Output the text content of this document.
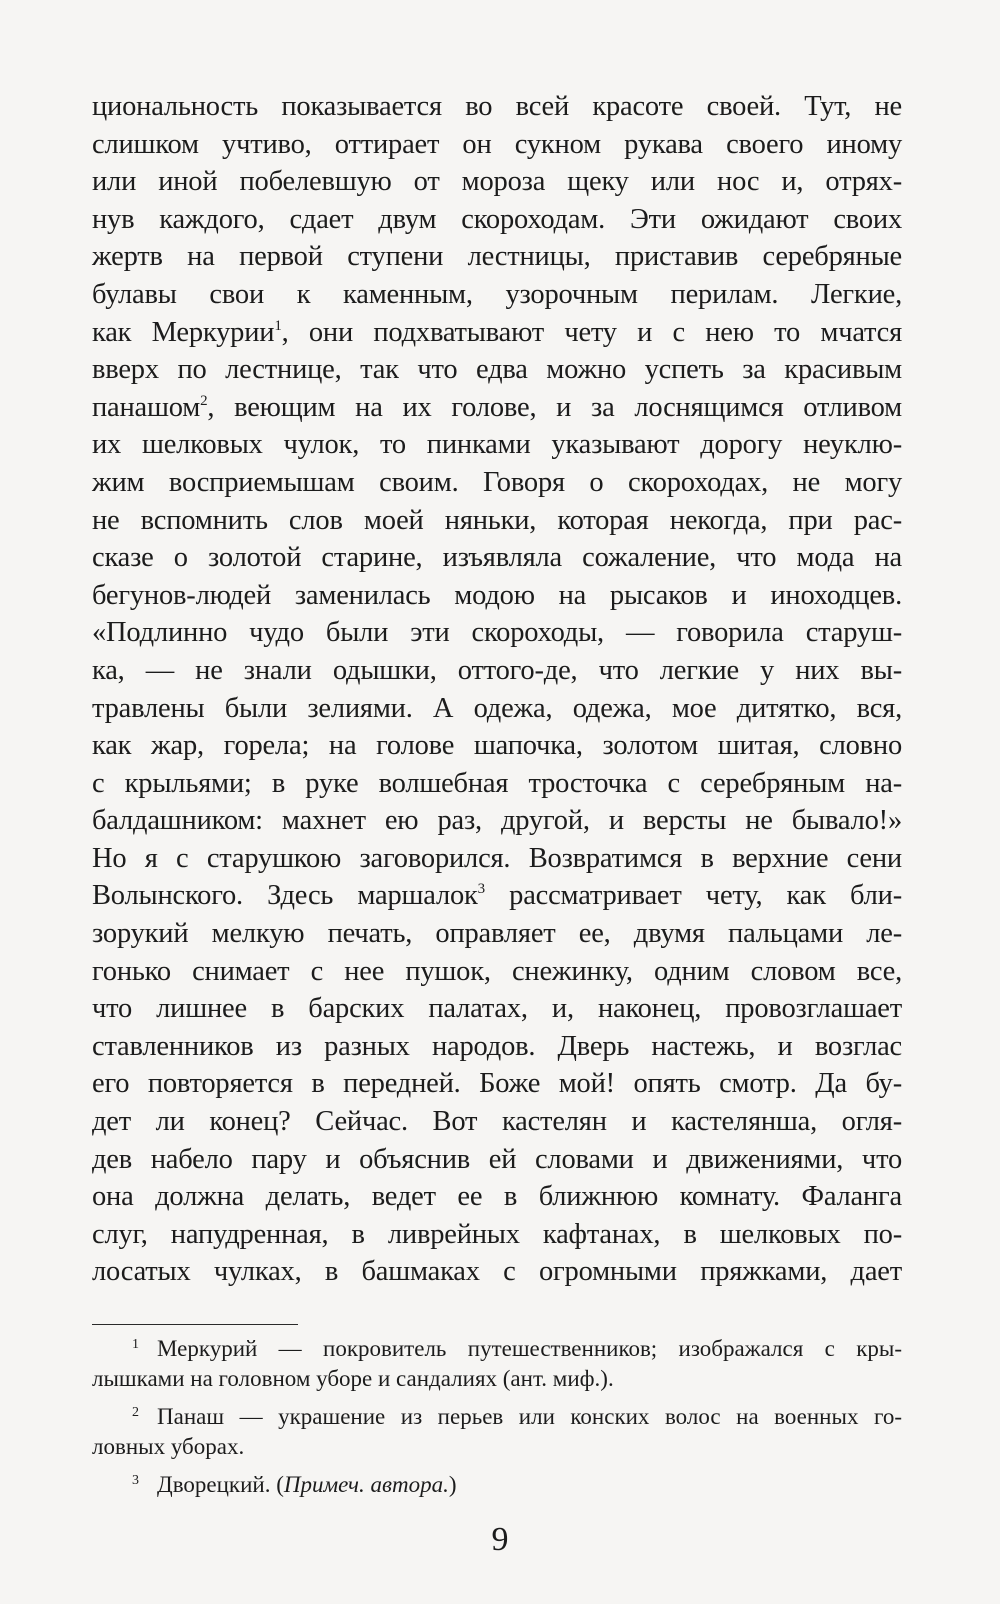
циональность показывается во всей красоте своей. Тут, не
слишком учтиво, оттирает он сукном рукава своего иному
или иной побелевшую от мороза щеку или нос и, отрях-
нув каждого, сдает двум скороходам. Эти ожидают своих
жертв на первой ступени лестницы, приставив серебряные
булавы свои к каменным, узорочным перилам. Легкие,
как Меркурии$^1$, они подхватывают чету и с нею то мчатся
вверх по лестнице, так что едва можно успеть за красивым
панашом$^2$, веющим на их голове, и за лоснящимся отливом
их шелковых чулок, то пинками указывают дорогу неуклю-
жим восприемышам своим. Говоря о скороходах, не могу
не вспомнить слов моей няньки, которая некогда, при рас-
сказе о золотой старине, изъявляла сожаление, что мода на
бегунов-людей заменилась модою на рысаков и иноходцев.
«Подлинно чудо были эти скороходы, — говорила старуш-
ка, — не знали одышки, оттого-де, что легкие у них вы-
травлены были зелиями. А одежа, одежа, мое дитятко, вся,
как жар, горела; на голове шапочка, золотом шитая, словно
с крыльями; в руке волшебная тросточка с серебряным на-
балдашником: махнет ею раз, другой, и версты не бывало!»
Но я с старушкою заговорился. Возвратимся в верхние сени
Волынского. Здесь маршалок$^3$ рассматривает чету, как бли-
зорукий мелкую печать, оправляет ее, двумя пальцами ле-
гонько снимает с нее пушок, снежинку, одним словом все,
что лишнее в барских палатах, и, наконец, провозглашает
ставленников из разных народов. Дверь настежь, и возглас
его повторяется в передней. Боже мой! опять смотр. Да бу-
дет ли конец? Сейчас. Вот кастелян и кастелянша, огля-
дев набело пару и объяснив ей словами и движениями, что
она должна делать, ведет ее в ближнюю комнату. Фаланга
слуг, напудренная, в ливрейных кафтанах, в шелковых по-
лосатых чулках, в башмаках с огромными пряжками, дает
$^1$ Меркурий — покровитель путешественников; изображался с кры-
лышками на головном уборе и сандалиях (ант. миф.).
$^2$ Панаш — украшение из перьев или конских волос на военных го-
ловных уборах.
$^3$ Дворецкий. (Примеч. автора.)
9
